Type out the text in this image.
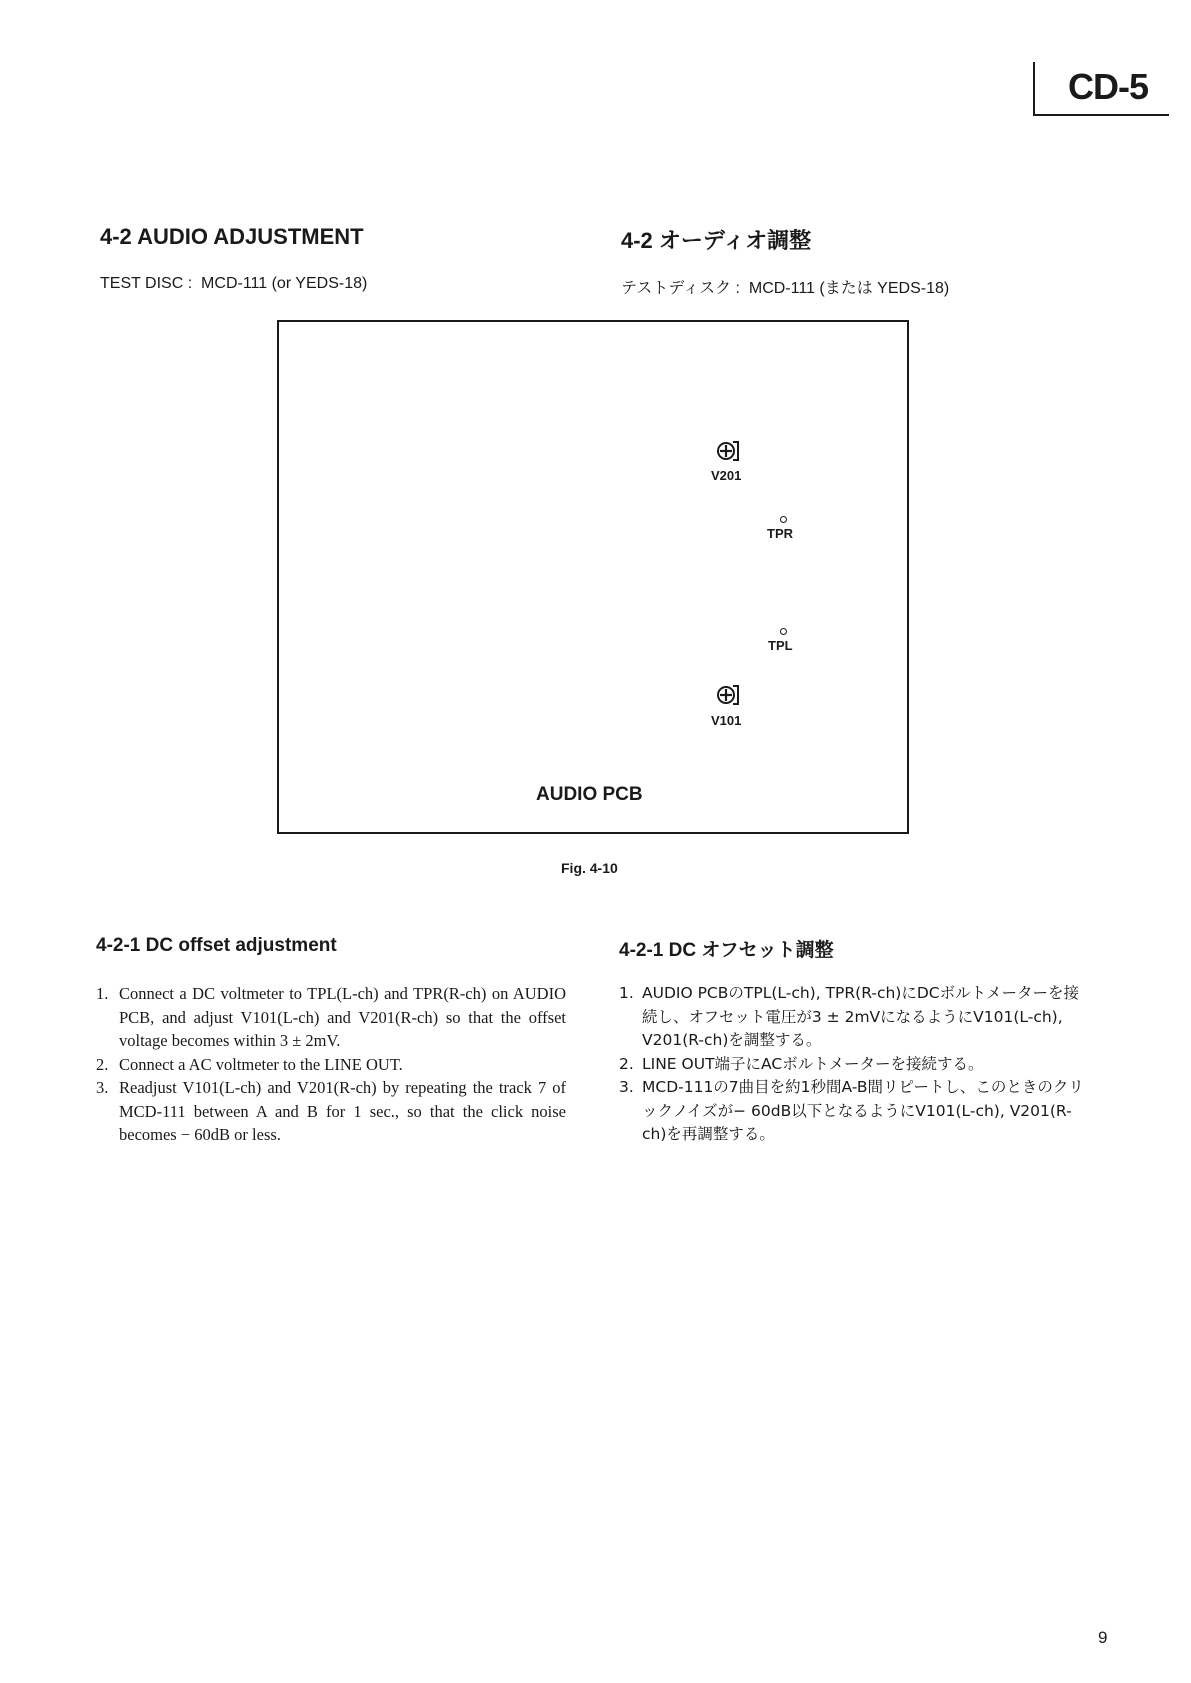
CD-5
4-2 AUDIO ADJUSTMENT	4-2 オーディオ調整
TEST DISC :  MCD-111 (or YEDS-18)	テストディスク :  MCD-111 (または YEDS-18)
V201
TPR
TPL
V101
AUDIO PCB
Fig. 4-10
4-2-1 DC offset adjustment	4-2-1 DC オフセット調整
1. Connect a DC voltmeter to TPL(L-ch) and TPR(R-ch) on AUDIO PCB, and adjust V101(L-ch) and V201(R-ch) so that the offset voltage becomes within 3 ± 2mV.
2. Connect a AC voltmeter to the LINE OUT.
3. Readjust V101(L-ch) and V201(R-ch) by repeating the track 7 of MCD-111 between A and B for 1 sec., so that the click noise becomes − 60dB or less.
1. AUDIO PCBのTPL(L-ch), TPR(R-ch)にDCボルトメーターを接続し、オフセット電圧が3 ± 2mVになるようにV101(L-ch), V201(R-ch)を調整する。
2. LINE OUT端子にACボルトメーターを接続する。
3. MCD-111の7曲目を約1秒間A-B間リピートし、このときのクリックノイズが− 60dB以下となるようにV101(L-ch), V201(R-ch)を再調整する。
9
